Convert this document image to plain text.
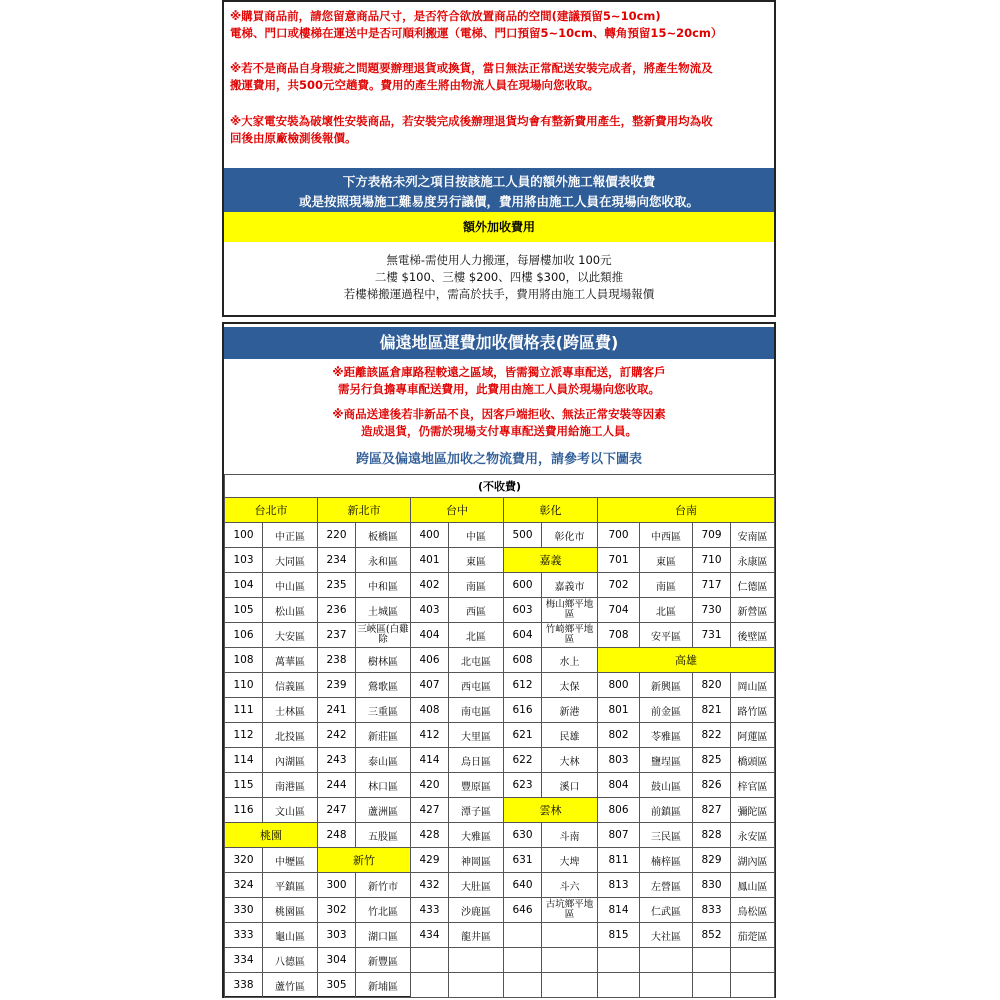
※購買商品前，請您留意商品尺寸，是否符合欲放置商品的空間(建議預留5~10cm)
電梯、門口或樓梯在運送中是否可順利搬運（電梯、門口預留5~10cm、轉角預留15~20cm）
※若不是商品自身瑕疵之問題要辦理退貨或換貨，當日無法正常配送安裝完成者，將產生物流及
搬運費用，共500元空趟費。費用的產生將由物流人員在現場向您收取。
※大家電安裝為破壞性安裝商品，若安裝完成後辦理退貨均會有整新費用產生，整新費用均為收
回後由原廠檢測後報價。
下方表格未列之項目按該施工人員的額外施工報價表收費
或是按照現場施工難易度另行議價，費用將由施工人員在現場向您收取。
額外加收費用
無電梯-需使用人力搬運，每層樓加收 100元
二樓 $100、三樓 $200、四樓 $300，以此類推
若樓梯搬運過程中，需高於扶手，費用將由施工人員現場報價
偏遠地區運費加收價格表(跨區費)
※距離該區倉庫路程較遠之區域，皆需獨立派專車配送，訂購客戶
需另行負擔專車配送費用，此費用由施工人員於現場向您收取。
※商品送達後若非新品不良，因客戶端拒收、無法正常安裝等因素
造成退貨，仍需於現場支付專車配送費用給施工人員。
跨區及偏遠地區加收之物流費用，請參考以下圖表
(不收費)											
台北市		新北市		台中		彰化		台南			
100	中正區	220	板橋區	400	中區	500	彰化市	700	中西區	709	安南區
103	大同區	234	永和區	401	東區	嘉義		701	東區	710	永康區
104	中山區	235	中和區	402	南區	600	嘉義市	702	南區	717	仁德區
105	松山區	236	土城區	403	西區	603	梅山鄉平地區	704	北區	730	新營區
106	大安區	237	三峽區(白雞除	404	北區	604	竹崎鄉平地區	708	安平區	731	後壁區
108	萬華區	238	樹林區	406	北屯區	608	水上	高雄			
110	信義區	239	鶯歌區	407	西屯區	612	太保	800	新興區	820	岡山區
111	士林區	241	三重區	408	南屯區	616	新港	801	前金區	821	路竹區
112	北投區	242	新莊區	412	大里區	621	民雄	802	苓雅區	822	阿蓮區
114	內湖區	243	泰山區	414	烏日區	622	大林	803	鹽埕區	825	橋頭區
115	南港區	244	林口區	420	豐原區	623	溪口	804	鼓山區	826	梓官區
116	文山區	247	蘆洲區	427	潭子區	雲林		806	前鎮區	827	彌陀區
桃園		248	五股區	428	大雅區	630	斗南	807	三民區	828	永安區
320	中壢區	新竹		429	神岡區	631	大埤	811	楠梓區	829	湖內區
324	平鎮區	300	新竹市	432	大肚區	640	斗六	813	左營區	830	鳳山區
330	桃園區	302	竹北區	433	沙鹿區	646	古坑鄉平地區	814	仁武區	833	鳥松區
333	龜山區	303	湖口區	434	龍井區			815	大社區	852	茄萣區
334	八德區	304	新豐區								
338	蘆竹區	305	新埔區								
